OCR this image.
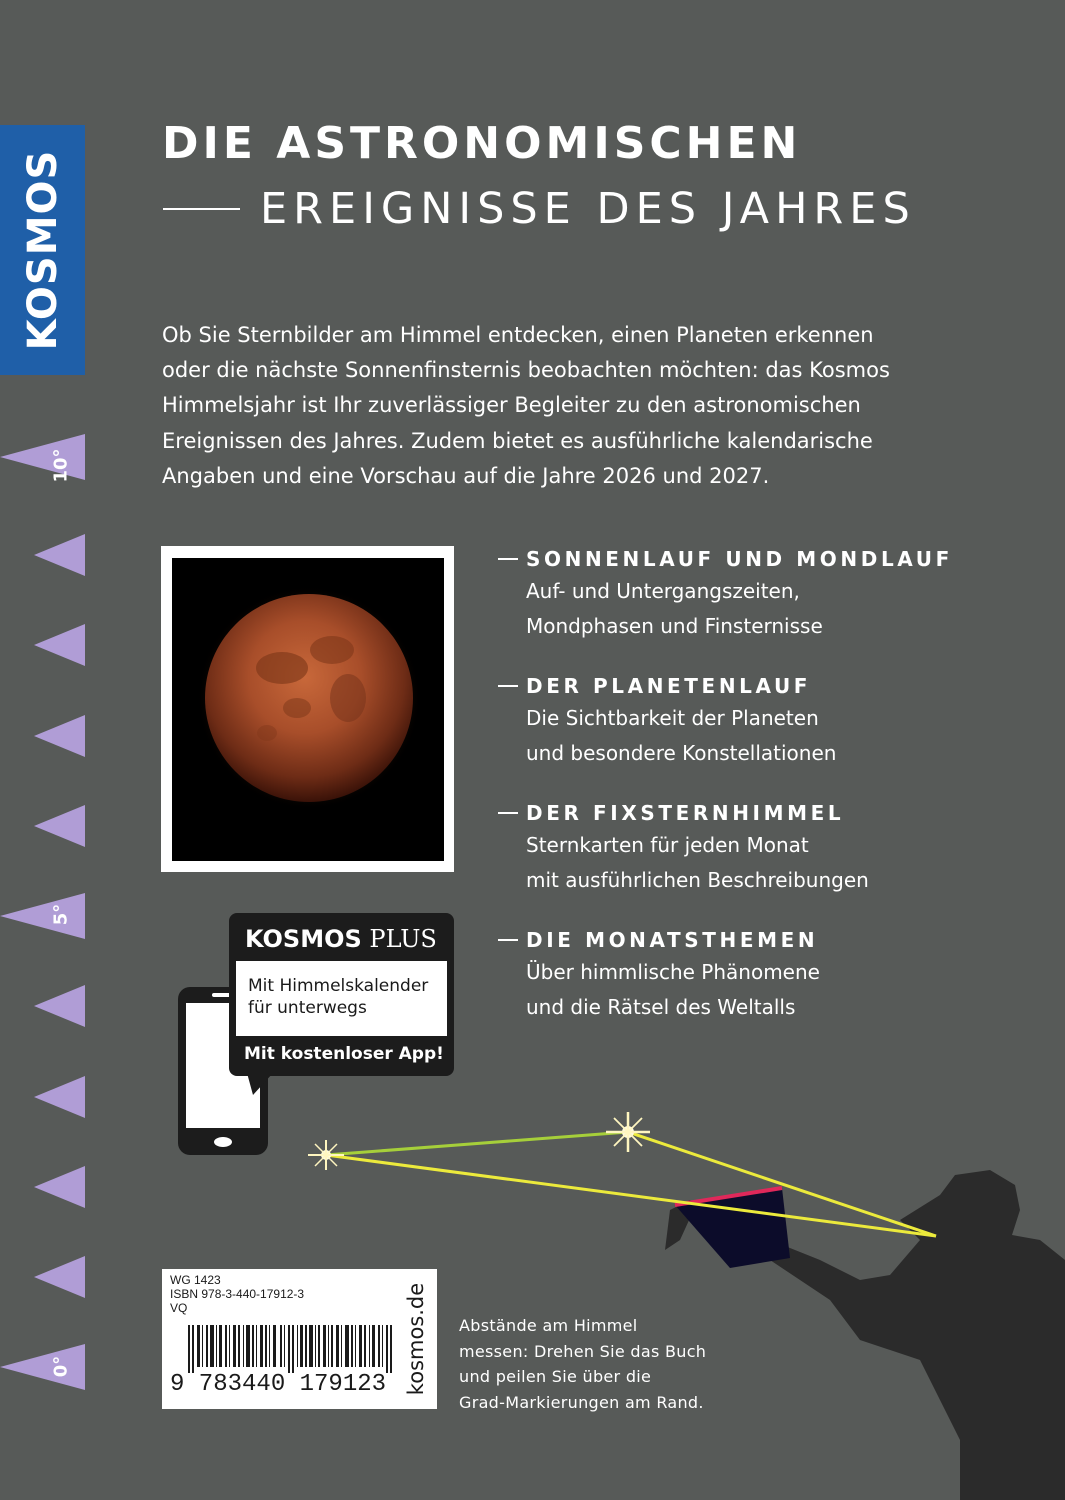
KOSMOS
DIE ASTRONOMISCHEN
EREIGNISSE DES JAHRES
Ob Sie Sternbilder am Himmel entdecken, einen Planeten erkennen
oder die nächste Sonnenfinsternis beobachten möchten: das Kosmos
Himmelsjahr ist Ihr zuverlässiger Begleiter zu den astronomischen
Ereignissen des Jahres. Zudem bietet es ausführliche kalendarische
Angaben und eine Vorschau auf die Jahre 2026 und 2027.
10°
5°
0°
SONNENLAUF UND MONDLAUF
Auf- und Untergangszeiten,
Mondphasen und Finsternisse
DER PLANETENLAUF
Die Sichtbarkeit der Planeten
und besondere Konstellationen
DER FIXSTERNHIMMEL
Sternkarten für jeden Monat
mit ausführlichen Beschreibungen
DIE MONATSTHEMEN
Über himmlische Phänomene
und die Rätsel des Weltalls
KOSMOS PLUS
Mit Himmelskalender
für unterwegs
Mit kostenloser App!
WG 1423
ISBN 978-3-440-17912-3
VQ
9 783440 179123 kosmos.de Abstände am Himmel
messen: Drehen Sie das Buch
und peilen Sie über die
Grad-Markierungen am Rand.
